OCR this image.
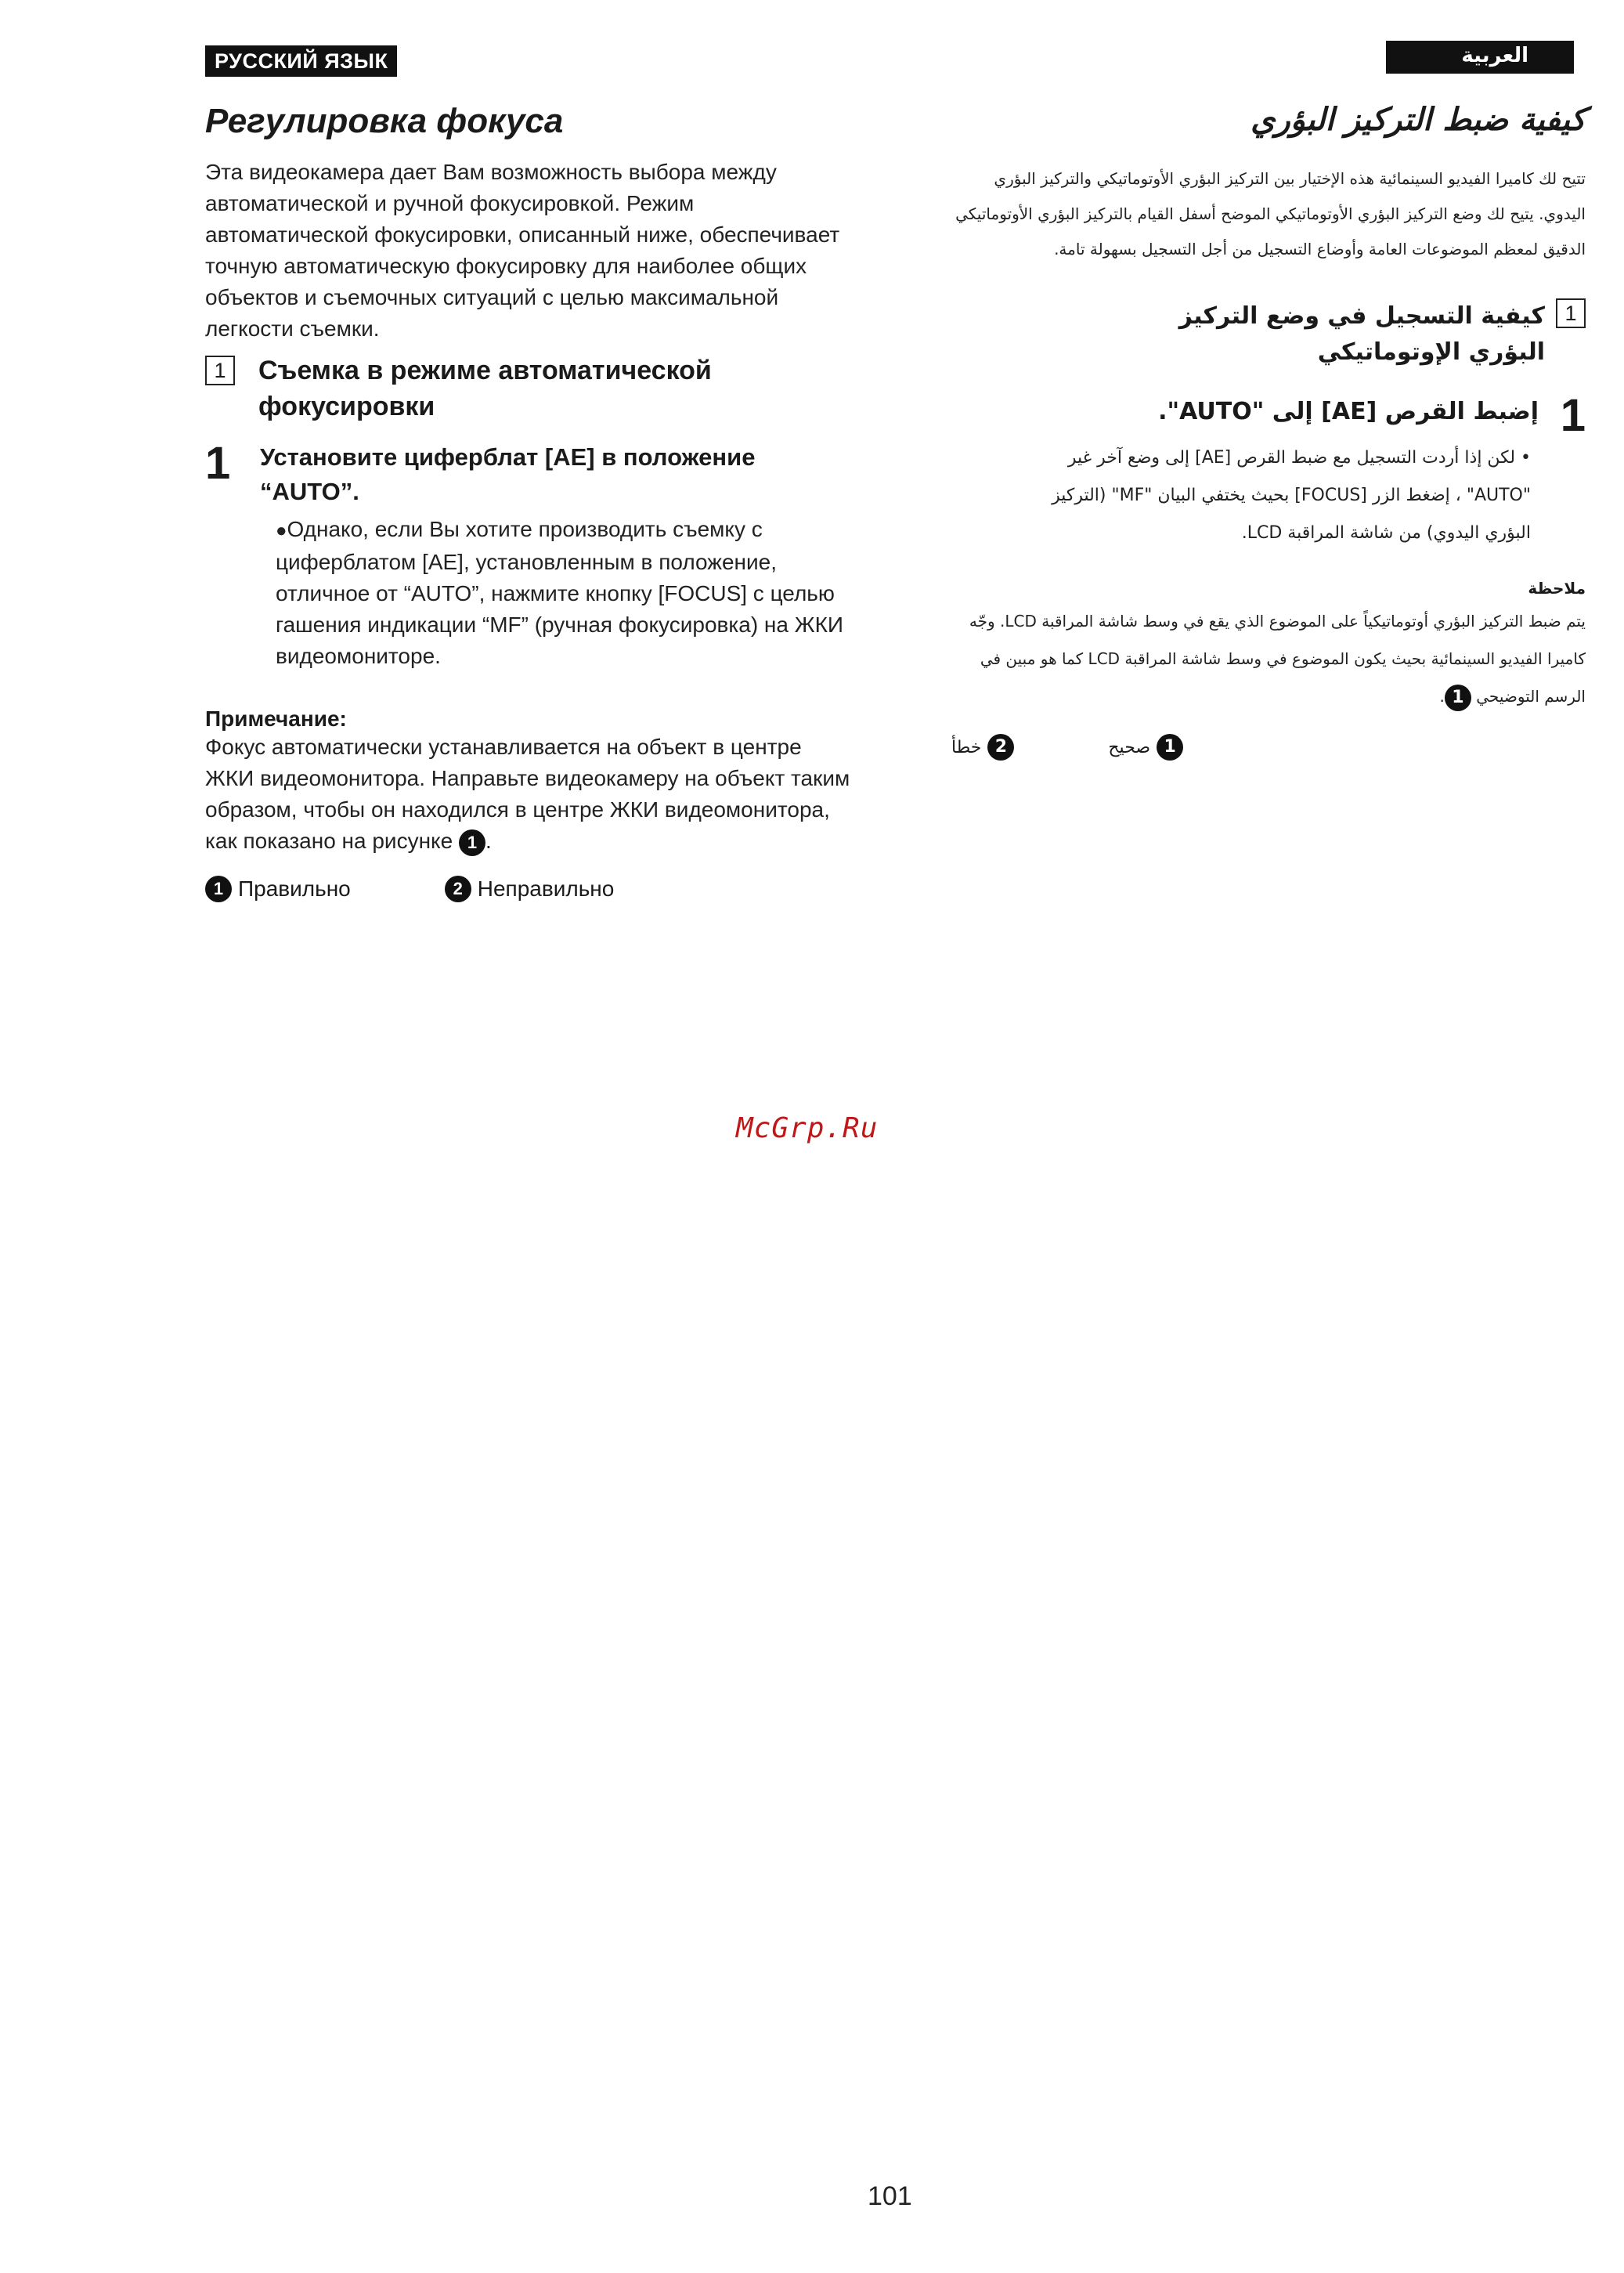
РУССКИЙ ЯЗЫК
Регулировка фокуса

Эта видеокамера дает Вам возможность выбора между автоматической и ручной фокусировкой. Режим автоматической фокусировки, описанный ниже, обеспечивает точную автоматическую фокусировку для наиболее общих объектов и съемочных ситуаций с целью максимальной легкости съемки.

1	Съемка в режиме автоматической фокусировки
1	Установите циферблат [AE] в положение “AUTO”.
●Однако, если Вы хотите производить съемку с циферблатом [AE], установленным в положение, отличное от “AUTO”, нажмите кнопку [FOCUS] с целью гашения индикации “MF” (ручная фокусировка) на ЖКИ видеомониторе.
Примечание:
Фокус автоматически устанавливается на объект в центре ЖКИ видеомонитора. Направьте видеокамеру на объект таким образом, чтобы он находился в центре ЖКИ видеомонитора, как показано на рисунке 1 .
1 Правильно	2 Неправильно
العربية
كيفية ضبط التركيز البؤري

تتيح لك كاميرا الفيديو السينمائية هذه الإختيار بين التركيز البؤري الأوتوماتيكي والتركيز البؤري اليدوي. يتيح لك وضع التركيز البؤري الأوتوماتيكي الموضح أسفل القيام بالتركيز البؤري الأوتوماتيكي الدقيق لمعظم الموضوعات العامة وأوضاع التسجيل من أجل التسجيل بسهولة تامة.

1
كيفية التسجيل في وضع التركيز البؤري الإوتوماتيكي
1
إضبط القرص [AE] إلى "AUTO".
• لكن إذا أردت التسجيل مع ضبط القرص [AE] إلى وضع آخر غير "AUTO" ، إضغط الزر [FOCUS] بحيث يختفي البيان "MF" (التركيز البؤري اليدوي) من شاشة المراقبة LCD.
ملاحظة
يتم ضبط التركيز البؤري أوتوماتيكياً على الموضوع الذي يقع في وسط شاشة المراقبة LCD. وجّه كاميرا الفيديو السينمائية بحيث يكون الموضوع في وسط شاشة المراقبة LCD كما هو مبين في الرسم التوضيحي 1.
1
صحيح
2
خطأ
McGrp.Ru
101
